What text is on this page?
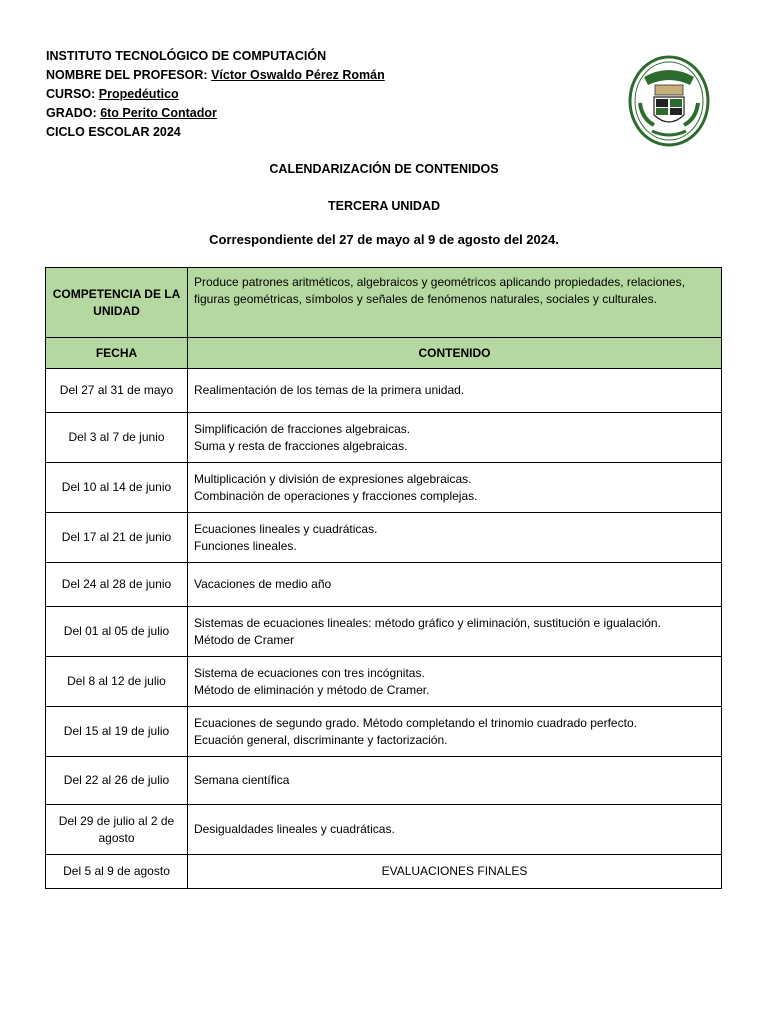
INSTITUTO TECNOLÓGICO DE COMPUTACIÓN
NOMBRE DEL PROFESOR: Víctor Oswaldo Pérez Román
CURSO: Propedéutico
GRADO: 6to Perito Contador
CICLO ESCOLAR 2024
CALENDARIZACIÓN DE CONTENIDOS
TERCERA UNIDAD
Correspondiente del 27 de mayo al 9 de agosto del 2024.
COMPETENCIA DE LA UNIDAD	Produce patrones aritméticos, algebraicos y geométricos aplicando propiedades, relaciones, figuras geométricas, símbolos y señales de fenómenos naturales, sociales y culturales.
FECHA	CONTENIDO
Del 27 al 31 de mayo	Realimentación de los temas de la primera unidad.

Del 3 al 7 de junio	Simplificación de fracciones algebraicas.
Suma y resta de fracciones algebraicas.

Del 10 al 14 de junio	Multiplicación y división de expresiones algebraicas.
Combinación de operaciones y fracciones complejas.

Del 17 al 21 de junio	Ecuaciones lineales y cuadráticas.
Funciones lineales.

Del 24 al 28 de junio	Vacaciones de medio año

Del 01 al 05 de julio	Sistemas de ecuaciones lineales: método gráfico y eliminación, sustitución e igualación.
Método de Cramer

Del 8 al 12 de julio	Sistema de ecuaciones con tres incógnitas.
Método de eliminación y método de Cramer.

Del 15 al 19 de julio	Ecuaciones de segundo grado. Método completando el trinomio cuadrado perfecto.
Ecuación general, discriminante y factorización.

Del 22 al 26 de julio	Semana científica

Del 29 de julio al 2 de agosto	Desigualdades lineales y cuadráticas.

Del 5 al 9 de agosto	EVALUACIONES FINALES
